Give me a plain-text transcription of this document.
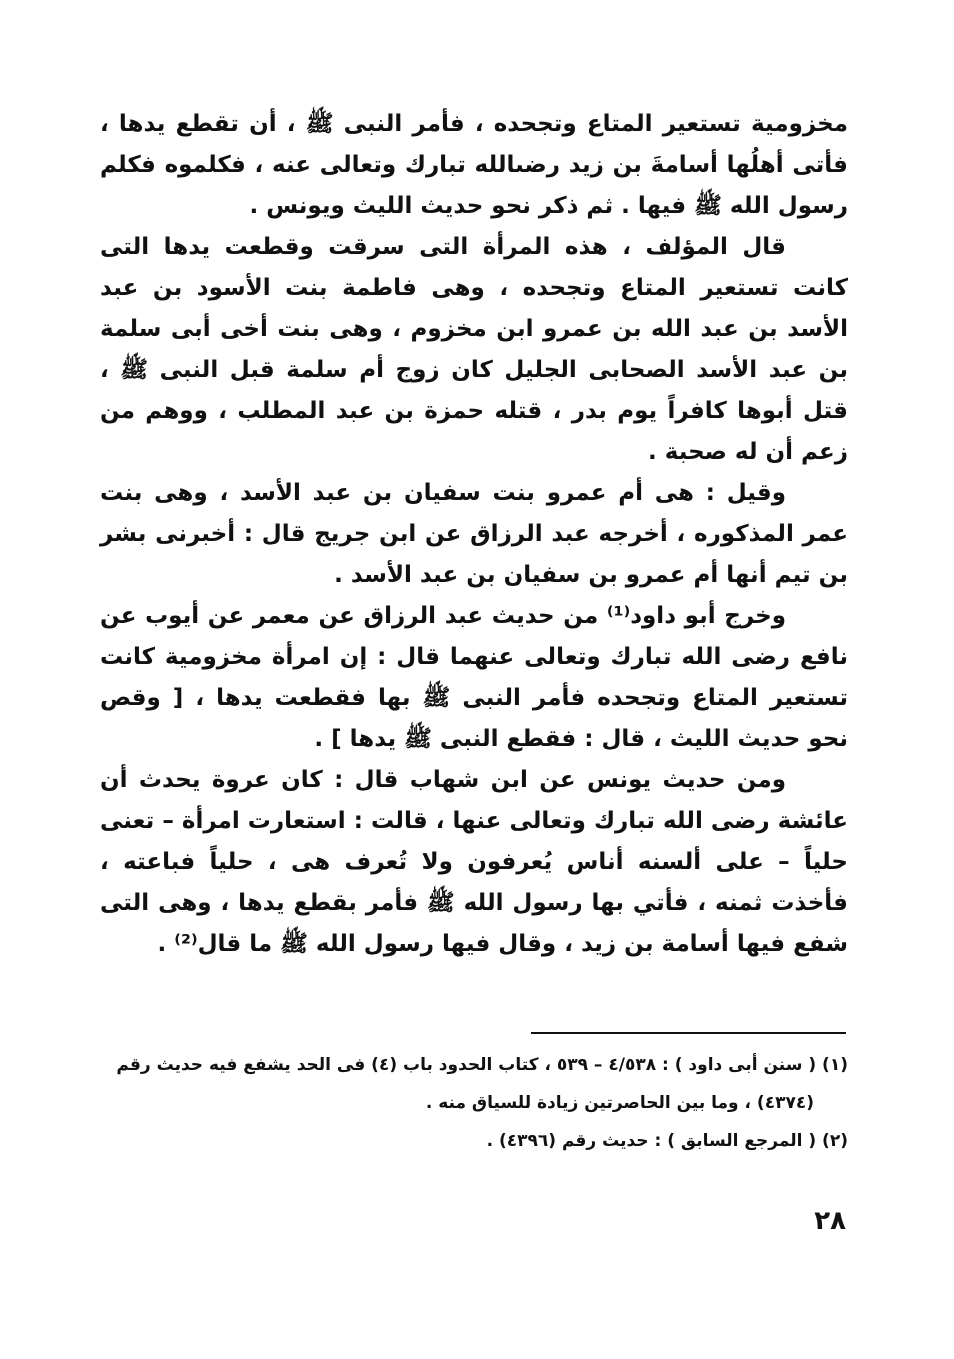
مخزومية تستعير المتاع وتجحده ، فأمر النبى ﷺ ، أن تقطع يدها ، فأتى أهلُها أسامةَ بن زيد رضىالله تبارك وتعالى عنه ، فكلموه فكلم رسول الله ﷺ فيها . ثم ذكر نحو حديث الليث ويونس .

قال المؤلف ، هذه المرأة التى سرقت وقطعت يدها التى كانت تستعير المتاع وتجحده ، وهى فاطمة بنت الأسود بن عبد الأسد بن عبد الله بن عمرو ابن مخزوم ، وهى بنت أخى أبى سلمة بن عبد الأسد الصحابى الجليل كان زوج أم سلمة قبل النبى ﷺ ، قتل أبوها كافراً يوم بدر ، قتله حمزة بن عبد المطلب ، ووهم من زعم أن له صحبة .

وقيل : هى أم عمرو بنت سفيان بن عبد الأسد ، وهى بنت عمر المذكوره ، أخرجه عبد الرزاق عن ابن جريج قال : أخبرنى بشر بن تيم أنها أم عمرو بن سفيان بن عبد الأسد .

وخرج أبو داود⁽¹⁾ من حديث عبد الرزاق عن معمر عن أيوب عن نافع رضى الله تبارك وتعالى عنهما قال : إن امرأة مخزومية كانت تستعير المتاع وتجحده فأمر النبى ﷺ بها فقطعت يدها ، [ وقص نحو حديث الليث ، قال : فقطع النبى ﷺ يدها ] .

ومن حديث يونس عن ابن شهاب قال : كان عروة يحدث أن عائشة رضى الله تبارك وتعالى عنها ، قالت : استعارت امرأة – تعنى حلياً – على ألسنه أناس يُعرفون ولا تُعرف هى ، حلياً فباعته ، فأخذت ثمنه ، فأتي بها رسول الله ﷺ فأمر بقطع يدها ، وهى التى شفع فيها أسامة بن زيد ، وقال فيها رسول الله ﷺ ما قال⁽²⁾ .

(١) ( سنن أبى داود ) : ٤/٥٣٨ – ٥٣٩ ، كتاب الحدود باب (٤) فى الحد يشفع فيه حديث رقم

(٤٣٧٤) ، وما بين الحاصرتين زيادة للسياق منه .

(٢) ( المرجع السابق ) : حديث رقم (٤٣٩٦) .

٢٨
